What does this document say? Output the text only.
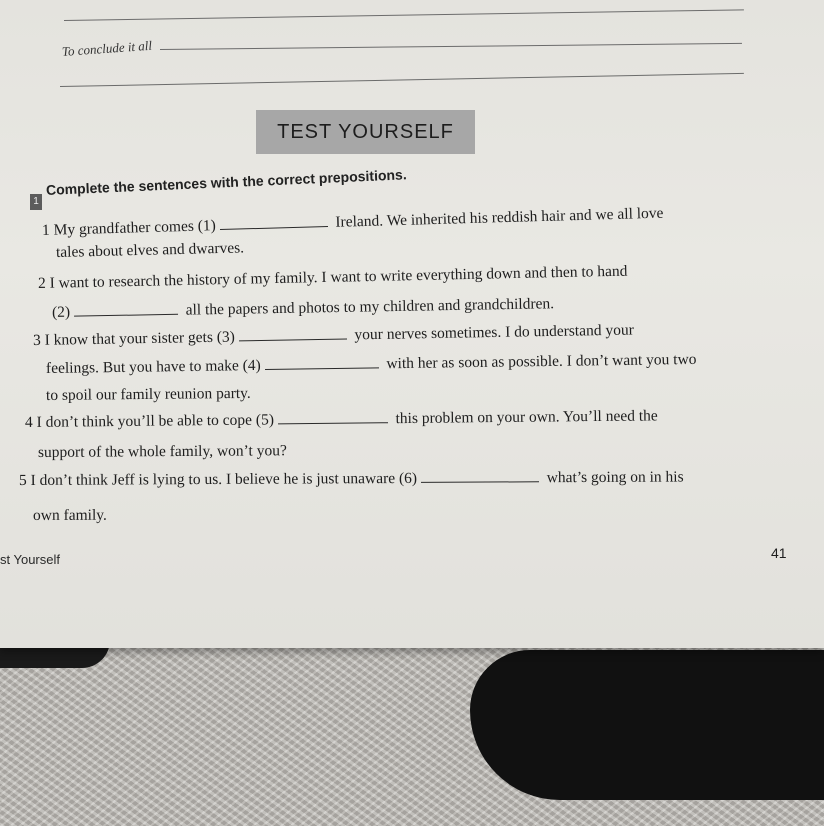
To conclude it all
TEST YOURSELF
1
Complete the sentences with the correct prepositions.
1 My grandfather comes (1)	Ireland. We inherited his reddish hair and we all love
tales about elves and dwarves.
2 I want to research the history of my family. I want to write everything down and then to hand
(2)	all the papers and photos to my children and grandchildren.
3 I know that your sister gets (3)	your nerves sometimes. I do understand your
feelings. But you have to make (4)	with her as soon as possible. I don’t want you two
to spoil our family reunion party.
4 I don’t think you’ll be able to cope (5)	this problem on your own. You’ll need the
support of the whole family, won’t you?
5 I don’t think Jeff is lying to us. I believe he is just unaware (6)	what’s going on in his
own family.
st Yourself	41
